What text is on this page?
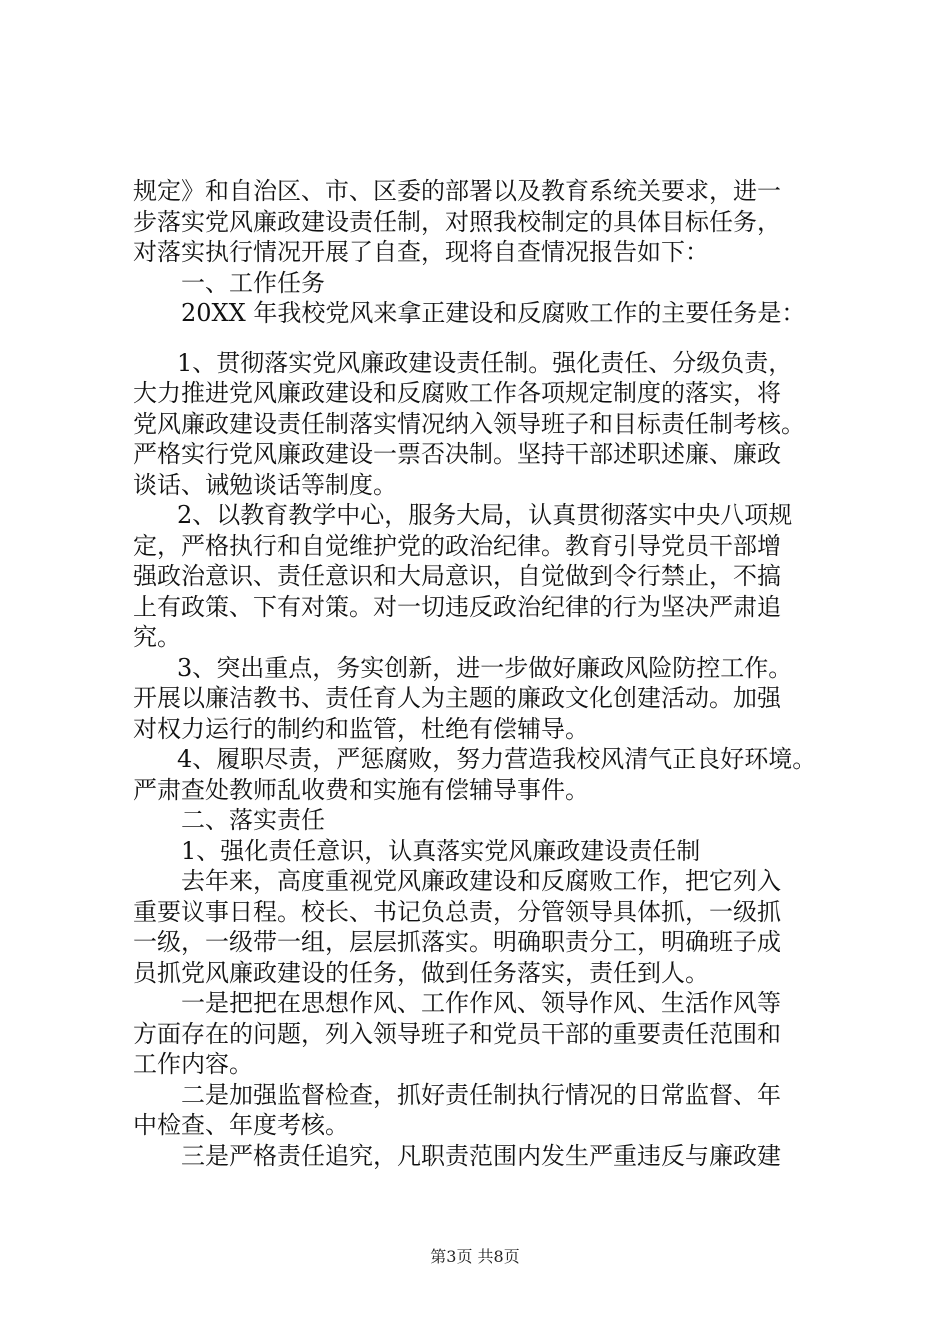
规定》和自治区、市、区委的部署以及教育系统关要求，进一
步落实党风廉政建设责任制，对照我校制定的具体目标任务，
对落实执行情况开展了自查，现将自查情况报告如下：
一、工作任务
20XX 年我校党风来拿正建设和反腐败工作的主要任务是：
1、贯彻落实党风廉政建设责任制。强化责任、分级负责，
大力推进党风廉政建设和反腐败工作各项规定制度的落实，将
党风廉政建设责任制落实情况纳入领导班子和目标责任制考核。
严格实行党风廉政建设一票否决制。坚持干部述职述廉、廉政
谈话、诫勉谈话等制度。
2、以教育教学中心，服务大局，认真贯彻落实中央八项规
定，严格执行和自觉维护党的政治纪律。教育引导党员干部增
强政治意识、责任意识和大局意识，自觉做到令行禁止，不搞
上有政策、下有对策。对一切违反政治纪律的行为坚决严肃追
究。
3、突出重点，务实创新，进一步做好廉政风险防控工作。
开展以廉洁教书、责任育人为主题的廉政文化创建活动。加强
对权力运行的制约和监管，杜绝有偿辅导。
4、履职尽责，严惩腐败，努力营造我校风清气正良好环境。
严肃查处教师乱收费和实施有偿辅导事件。
二、落实责任
1、强化责任意识，认真落实党风廉政建设责任制
去年来，高度重视党风廉政建设和反腐败工作，把它列入
重要议事日程。校长、书记负总责，分管领导具体抓，一级抓
一级，一级带一组，层层抓落实。明确职责分工，明确班子成
员抓党风廉政建设的任务，做到任务落实，责任到人。
一是把把在思想作风、工作作风、领导作风、生活作风等
方面存在的问题，列入领导班子和党员干部的重要责任范围和
工作内容。
二是加强监督检查，抓好责任制执行情况的日常监督、年
中检查、年度考核。
三是严格责任追究，凡职责范围内发生严重违反与廉政建
第3页 共8页
